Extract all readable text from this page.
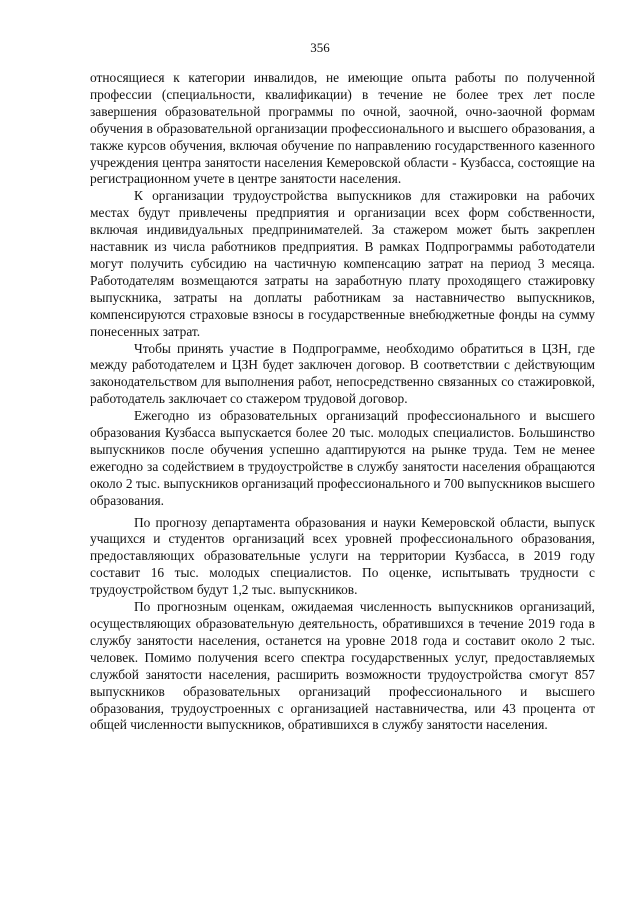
356

относящиеся к категории инвалидов, не имеющие опыта работы по полученной профессии (специальности, квалификации) в течение не более трех лет после завершения образовательной программы по очной, заочной, очно-заочной формам обучения в образовательной организации профессионального и высшего образования, а также курсов обучения, включая обучение по направлению государственного казенного учреждения центра занятости населения Кемеровской области - Кузбасса, состоящие на регистрационном учете в центре занятости населения.

К организации трудоустройства выпускников для стажировки на рабочих местах будут привлечены предприятия и организации всех форм собственности, включая индивидуальных предпринимателей. За стажером может быть закреплен наставник из числа работников предприятия. В рамках Подпрограммы работодатели могут получить субсидию на частичную компенсацию затрат на период 3 месяца. Работодателям возмещаются затраты на заработную плату проходящего стажировку выпускника, затраты на доплаты работникам за наставничество выпускников, компенсируются страховые взносы в государственные внебюджетные фонды на сумму понесенных затрат.

Чтобы принять участие в Подпрограмме, необходимо обратиться в ЦЗН, где между работодателем и ЦЗН будет заключен договор. В соответствии с действующим законодательством для выполнения работ, непосредственно связанных со стажировкой, работодатель заключает со стажером трудовой договор.

Ежегодно из образовательных организаций профессионального и высшего образования Кузбасса выпускается более 20 тыс. молодых специалистов. Большинство выпускников после обучения успешно адаптируются на рынке труда. Тем не менее ежегодно за содействием в трудоустройстве в службу занятости населения обращаются около 2 тыс. выпускников организаций профессионального и 700 выпускников высшего образования.

По прогнозу департамента образования и науки Кемеровской области, выпуск учащихся и студентов организаций всех уровней профессионального образования, предоставляющих образовательные услуги на территории Кузбасса, в 2019 году составит 16 тыс. молодых специалистов. По оценке, испытывать трудности с трудоустройством будут 1,2 тыс. выпускников.

По прогнозным оценкам, ожидаемая численность выпускников организаций, осуществляющих образовательную деятельность, обратившихся в течение 2019 года в службу занятости населения, останется на уровне 2018 года и составит около 2 тыс. человек. Помимо получения всего спектра государственных услуг, предоставляемых службой занятости населения, расширить возможности трудоустройства смогут 857 выпускников образовательных организаций профессионального и высшего образования, трудоустроенных с организацией наставничества, или 43 процента от общей численности выпускников, обратившихся в службу занятости населения.
